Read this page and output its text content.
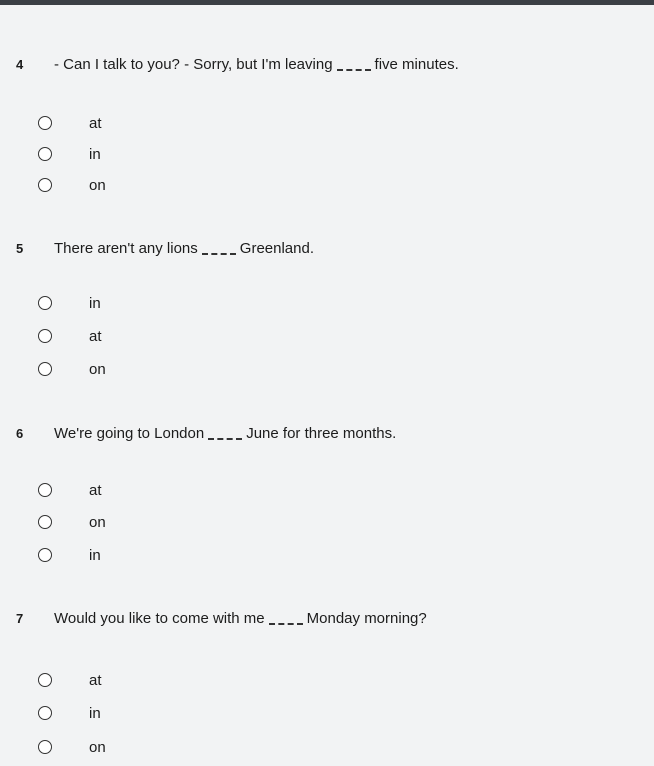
4	- Can I talk to you? - Sorry, but I'm leaving	five minutes.
at
in
on
5	There aren't any lions	Greenland.
in
at
on
6	We're going to London	June for three months.
at
on
in
7	Would you like to come with me	Monday morning?
at
in
on
